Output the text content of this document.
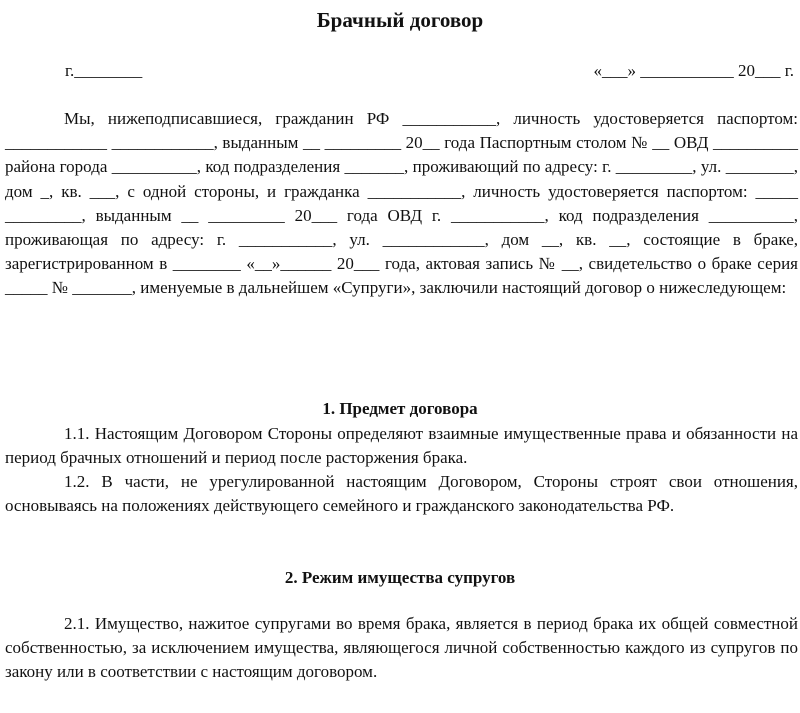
Брачный договор
г.________	«___» ___________ 20___ г.

Мы, нижеподписавшиеся, гражданин РФ ___________, личность удостоверяется паспортом: ____________ ____________, выданным __ _________ 20__ года Паспортным столом № __ ОВД __________ района города __________, код подразделения _______, проживающий по адресу: г. _________, ул. ________, дом _, кв. ___, с одной стороны, и гражданка ___________, личность удостоверяется паспортом: _____ _________, выданным __ _________ 20___ года ОВД г. ___________, код подразделения __________, проживающая по адресу: г. ___________, ул. ____________, дом __, кв. __, состоящие в браке, зарегистрированном в ________ «__»______ 20___ года, актовая запись № __, свидетельство о браке серия _____ № _______, именуемые в дальнейшем «Супруги», заключили настоящий договор о нижеследующем:

1. Предмет договора

1.1. Настоящим Договором Стороны определяют взаимные имущественные права и обязанности на период брачных отношений и период после расторжения брака.

1.2. В части, не урегулированной настоящим Договором, Стороны строят свои отношения, основываясь на положениях действующего семейного и гражданского законодательства РФ.

2. Режим имущества супругов

2.1. Имущество, нажитое супругами во время брака, является в период брака их общей совместной собственностью, за исключением имущества, являющегося личной собственностью каждого из супругов по закону или в соответствии с настоящим договором.
